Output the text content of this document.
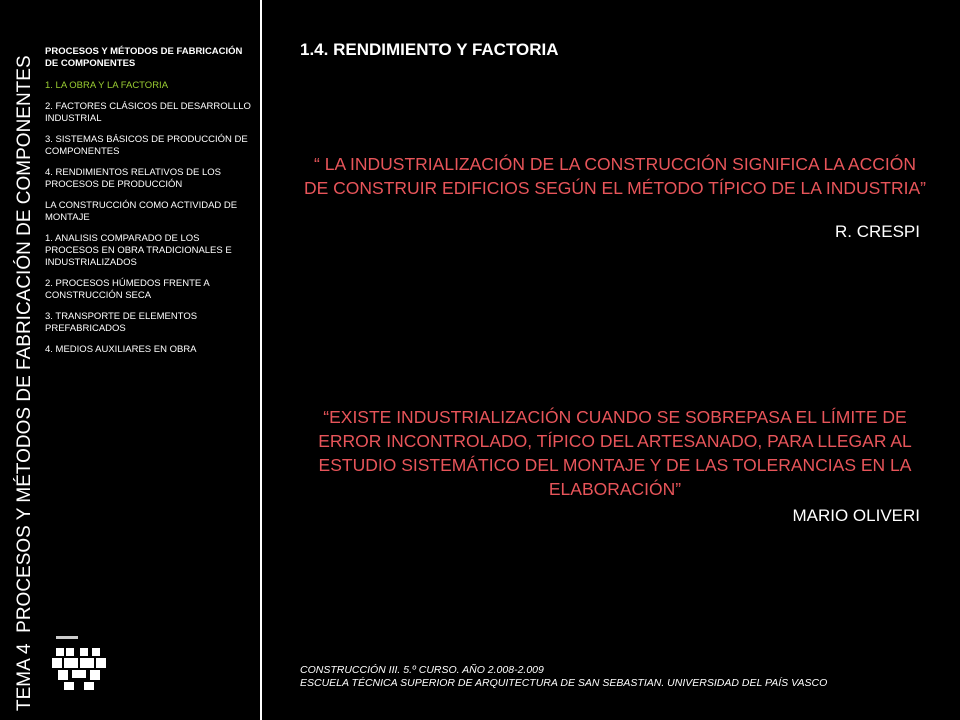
TEMA 4  PROCESOS Y MÉTODOS DE FABRICACIÓN DE COMPONENTES
PROCESOS Y MÉTODOS DE FABRICACIÓN
DE COMPONENTES
1. LA OBRA Y LA FACTORIA
2. FACTORES CLÁSICOS DEL DESARROLLLO INDUSTRIAL
3. SISTEMAS BÁSICOS DE PRODUCCIÓN DE COMPONENTES
4. RENDIMIENTOS RELATIVOS DE LOS PROCESOS DE PRODUCCIÓN
LA CONSTRUCCIÓN COMO ACTIVIDAD DE MONTAJE
1. ANALISIS COMPARADO DE LOS PROCESOS EN OBRA TRADICIONALES E INDUSTRIALIZADOS
2. PROCESOS HÚMEDOS FRENTE A CONSTRUCCIÓN SECA
3. TRANSPORTE DE ELEMENTOS PREFABRICADOS
4. MEDIOS AUXILIARES EN OBRA
1.4. RENDIMIENTO Y FACTORIA
“ LA INDUSTRIALIZACIÓN DE LA CONSTRUCCIÓN SIGNIFICA LA ACCIÓN DE CONSTRUIR EDIFICIOS SEGÚN EL MÉTODO TÍPICO DE LA INDUSTRIA”
R. CRESPI
“EXISTE INDUSTRIALIZACIÓN CUANDO SE SOBREPASA EL LÍMITE DE ERROR INCONTROLADO, TÍPICO DEL ARTESANADO, PARA LLEGAR AL ESTUDIO SISTEMÁTICO DEL MONTAJE Y DE LAS TOLERANCIAS EN LA ELABORACIÓN”
MARIO OLIVERI
CONSTRUCCIÓN III. 5.º CURSO. AÑO 2.008-2.009
ESCUELA TÉCNICA SUPERIOR DE ARQUITECTURA DE SAN SEBASTIAN. UNIVERSIDAD DEL PAÍS VASCO
